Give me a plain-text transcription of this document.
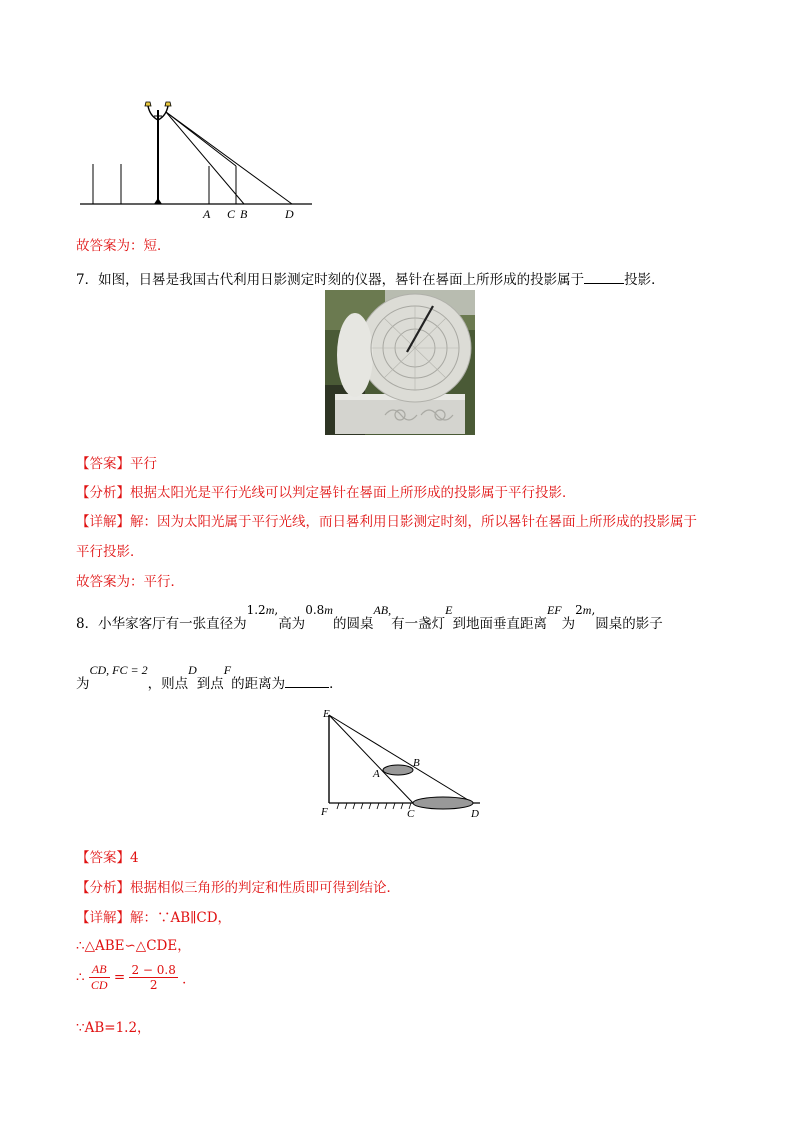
A C B	D
故答案为：短．
7．如图，日晷是我国古代利用日影测定时刻的仪器，晷针在晷面上所形成的投影属于	投影．
【答案】平行
【分析】根据太阳光是平行光线可以判定晷针在晷面上所形成的投影属于平行投影．
【详解】解：因为太阳光属于平行光线，而日晷利用日影测定时刻，所以晷针在晷面上所形成的投影属于
平行投影．
故答案为：平行．
8．小华家客厅有一张直径为1.2m,高为0.8m的圆桌AB,有一盏灯E到地面垂直距离EF为2m,圆桌的影子
为CD, FC = 2，则点D到点F的距离为	．
E
B
A
F	C	D
【答案】4
【分析】根据相似三角形的判定和性质即可得到结论．
【详解】解：∵AB∥CD，
∴△ABE∽△CDE，
∴ $\frac{AB}{CD} = \frac{2 - 0.8}{2}$ ．
∵AB=1.2，
